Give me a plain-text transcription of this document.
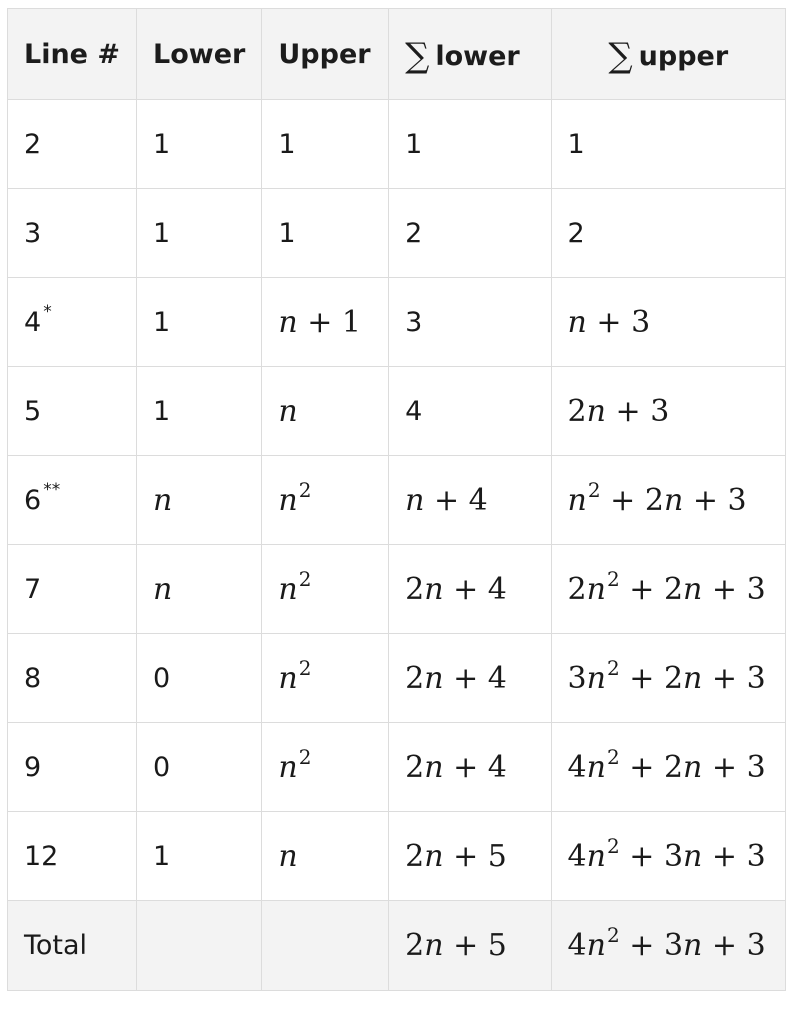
Line #	Lower	Upper	∑ lower	∑ upper
2	1	1	1	1
3	1	1	2	2
4 *	1	n + 1	3	n + 3
5	1	n	4	2n + 3
6 **	n	$n^2$	n + 4	$n^2 + 2n + 3$
7	n	$n^2$	2n + 4	$2n^2 + 2n + 3$
8	0	$n^2$	2n + 4	$3n^2 + 2n + 3$
9	0	$n^2$	2n + 4	$4n^2 + 2n + 3$
12	1	n	2n + 5	$4n^2 + 3n + 3$
Total			2n + 5	$4n^2 + 3n + 3$
